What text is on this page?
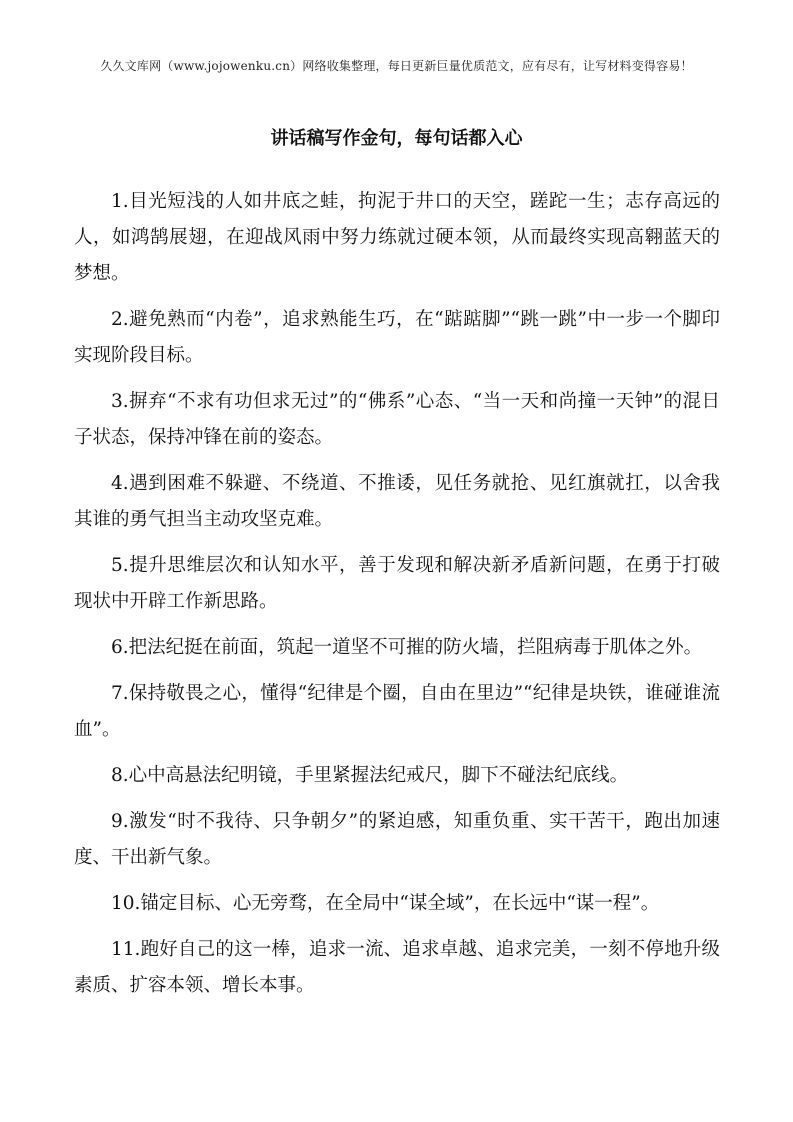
久久文库网（www.jojowenku.cn）网络收集整理，每日更新巨量优质范文，应有尽有，让写材料变得容易！
讲话稿写作金句，每句话都入心

1.目光短浅的人如井底之蛙，拘泥于井口的天空，蹉跎一生；志存高远的人，如鸿鹄展翅，在迎战风雨中努力练就过硬本领，从而最终实现高翱蓝天的梦想。

2.避免熟而“内卷”，追求熟能生巧，在“踮踮脚”“跳一跳”中一步一个脚印实现阶段目标。

3.摒弃“不求有功但求无过”的“佛系”心态、“当一天和尚撞一天钟”的混日子状态，保持冲锋在前的姿态。

4.遇到困难不躲避、不绕道、不推诿，见任务就抢、见红旗就扛，以舍我其谁的勇气担当主动攻坚克难。

5.提升思维层次和认知水平，善于发现和解决新矛盾新问题，在勇于打破现状中开辟工作新思路。

6.把法纪挺在前面，筑起一道坚不可摧的防火墙，拦阻病毒于肌体之外。

7.保持敬畏之心，懂得“纪律是个圈，自由在里边”“纪律是块铁，谁碰谁流血”。

8.心中高悬法纪明镜，手里紧握法纪戒尺，脚下不碰法纪底线。

9.激发“时不我待、只争朝夕”的紧迫感，知重负重、实干苦干，跑出加速度、干出新气象。

10.锚定目标、心无旁骛，在全局中“谋全域”，在长远中“谋一程”。

11.跑好自己的这一棒，追求一流、追求卓越、追求完美，一刻不停地升级素质、扩容本领、增长本事。
